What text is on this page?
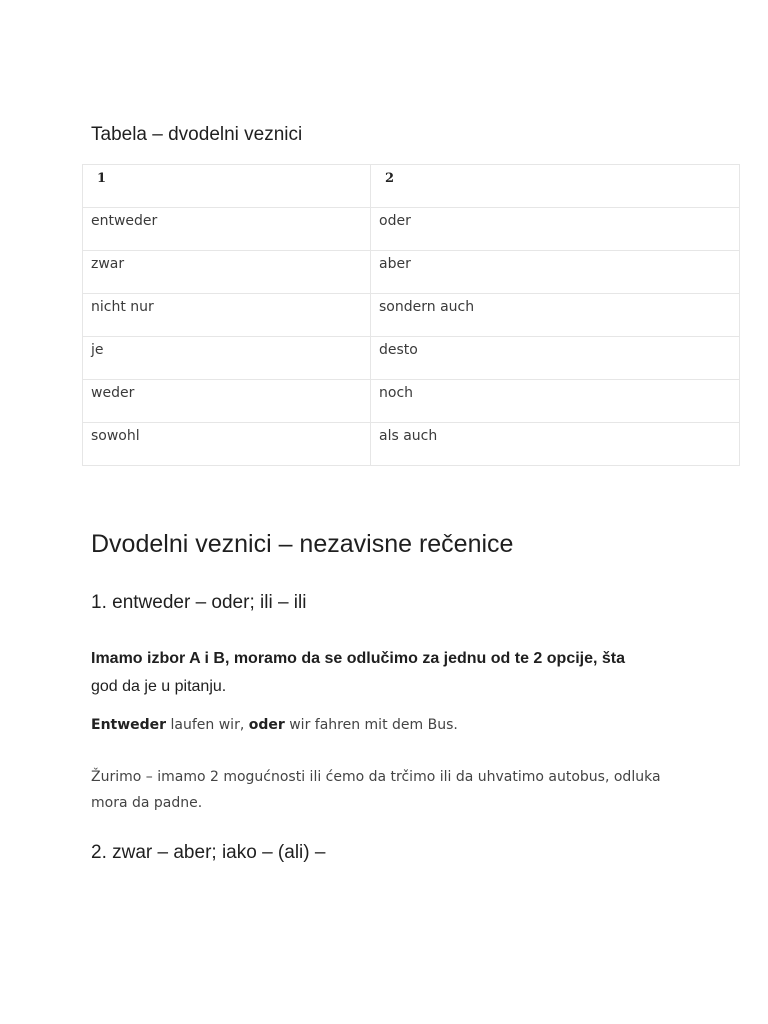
Tabela – dvodelni veznici
1	2

entweder	oder

zwar	aber

nicht nur	sondern auch

je	desto

weder	noch

sowohl	als auch
Dvodelni veznici – nezavisne rečenice
1. entweder – oder; ili – ili

Imamo izbor A i B, moramo da se odlučimo za jednu od te 2 opcije, šta
god da je u pitanju.

Entweder laufen wir, oder wir fahren mit dem Bus.

Žurimo – imamo 2 mogućnosti ili ćemo da trčimo ili da uhvatimo autobus, odluka mora da padne.

2. zwar – aber; iako – (ali) –
